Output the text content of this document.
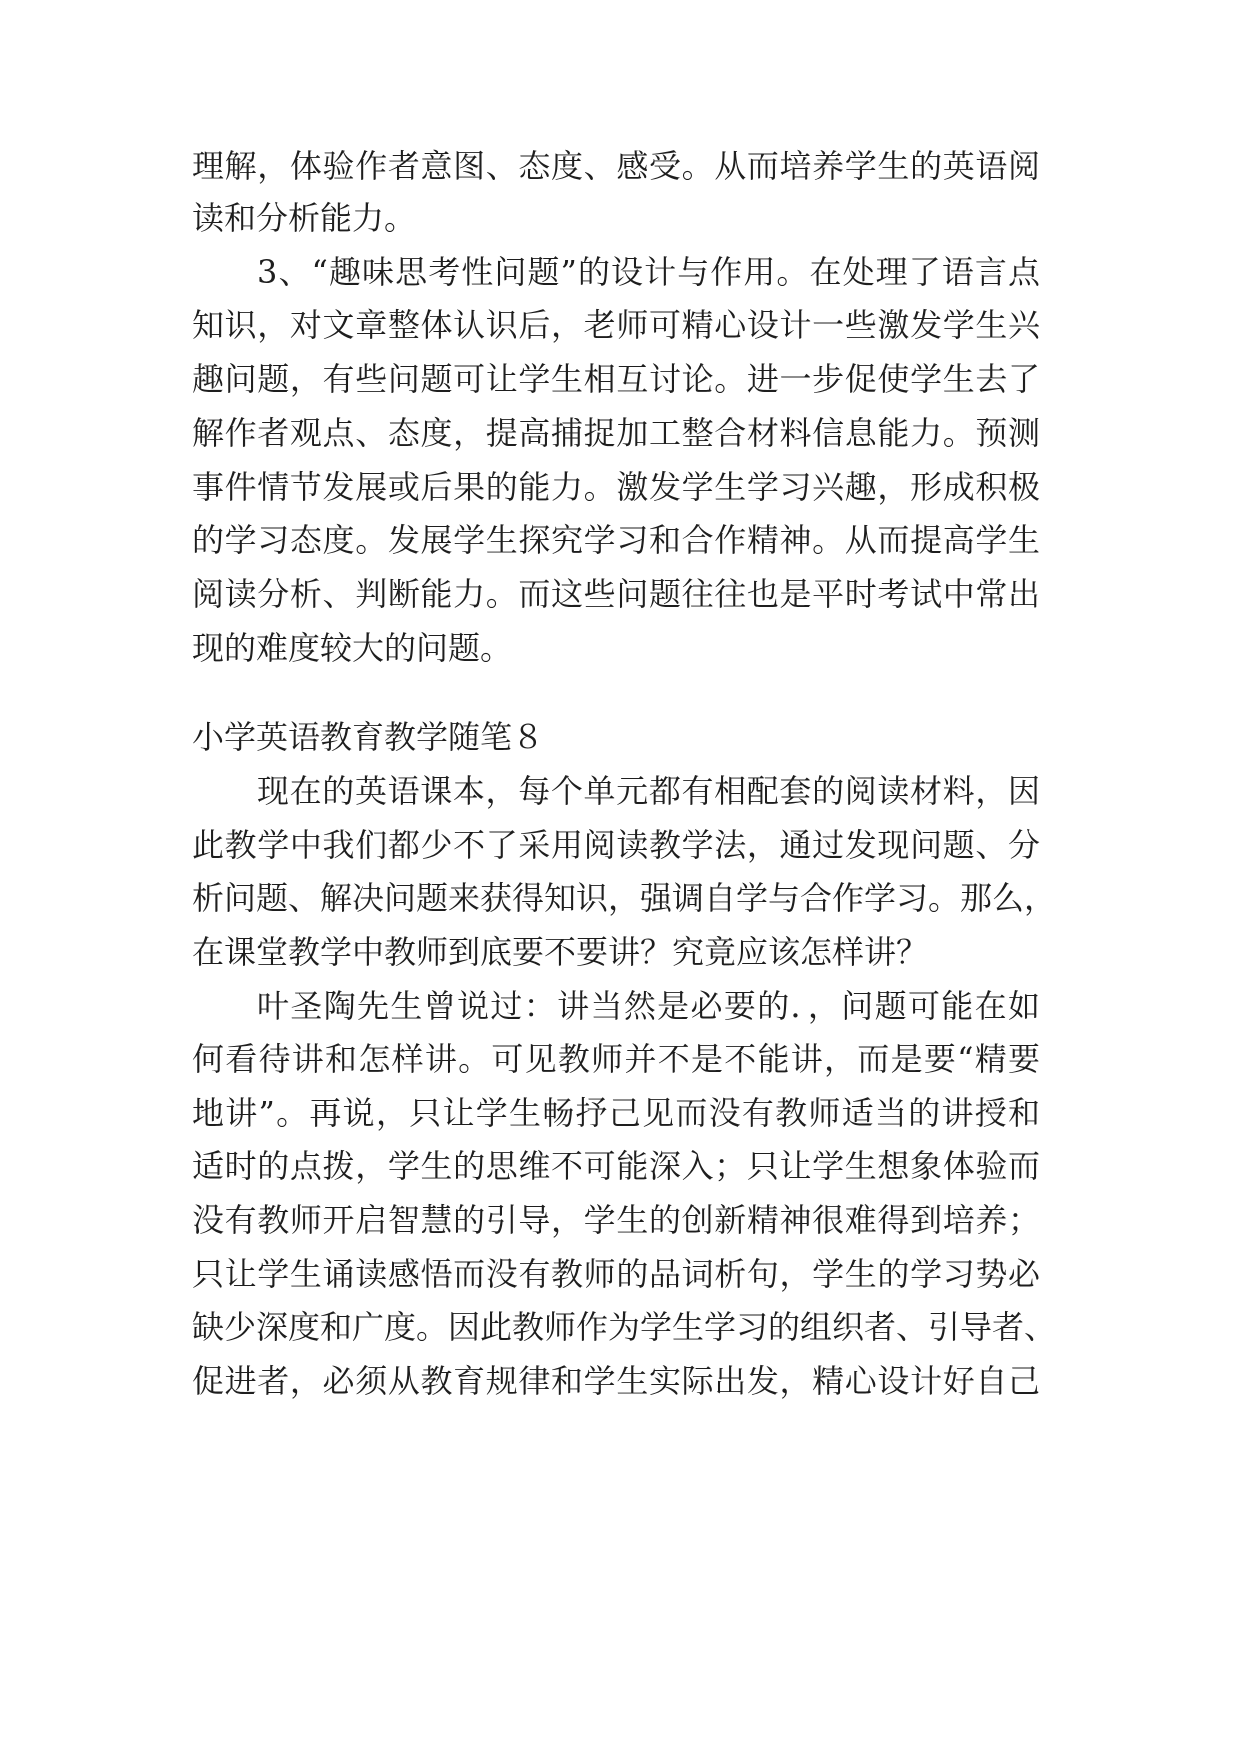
理解，体验作者意图、态度、感受。从而培养学生的英语阅
读和分析能力。
3、“趣味思考性问题”的设计与作用。在处理了语言点
知识，对文章整体认识后，老师可精心设计一些激发学生兴
趣问题，有些问题可让学生相互讨论。进一步促使学生去了
解作者观点、态度，提高捕捉加工整合材料信息能力。预测
事件情节发展或后果的能力。激发学生学习兴趣，形成积极
的学习态度。发展学生探究学习和合作精神。从而提高学生
阅读分析、判断能力。而这些问题往往也是平时考试中常出
现的难度较大的问题。
小学英语教育教学随笔８
现在的英语课本，每个单元都有相配套的阅读材料，因
此教学中我们都少不了采用阅读教学法，通过发现问题、分
析问题、解决问题来获得知识，强调自学与合作学习。那么，
在课堂教学中教师到底要不要讲？究竟应该怎样讲？
叶圣陶先生曾说过：讲当然是必要的．，问题可能在如
何看待讲和怎样讲。可见教师并不是不能讲，而是要“精要
地讲”。再说，只让学生畅抒己见而没有教师适当的讲授和
适时的点拨，学生的思维不可能深入；只让学生想象体验而
没有教师开启智慧的引导，学生的创新精神很难得到培养；
只让学生诵读感悟而没有教师的品词析句，学生的学习势必
缺少深度和广度。因此教师作为学生学习的组织者、引导者、
促进者，必须从教育规律和学生实际出发，精心设计好自己
